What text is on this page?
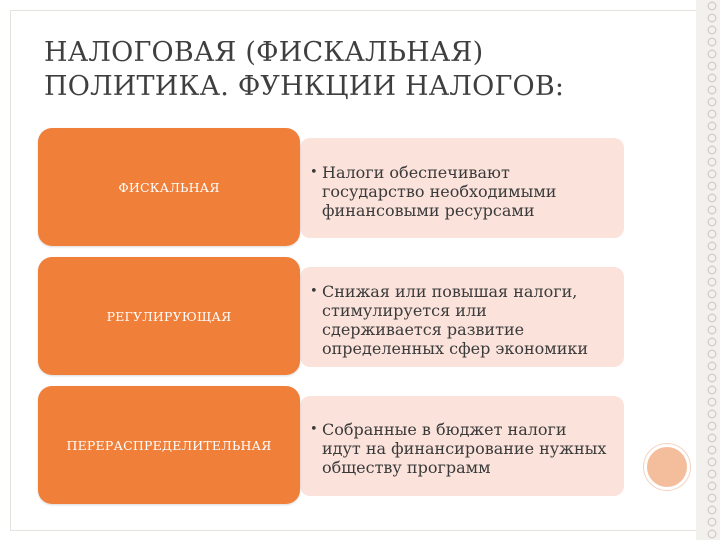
НАЛОГОВАЯ (ФИСКАЛЬНАЯ)
ПОЛИТИКА. ФУНКЦИИ НАЛОГОВ:
ФИСКАЛЬНАЯ
• Налоги обеспечивают государство необходимыми финансовыми ресурсами
РЕГУЛИРУЮЩАЯ
• Снижая или повышая налоги, стимулируется или сдерживается развитие определенных сфер экономики
ПЕРЕРАСПРЕДЕЛИТЕЛЬНАЯ
• Собранные в бюджет налоги идут на финансирование нужных обществу программ
